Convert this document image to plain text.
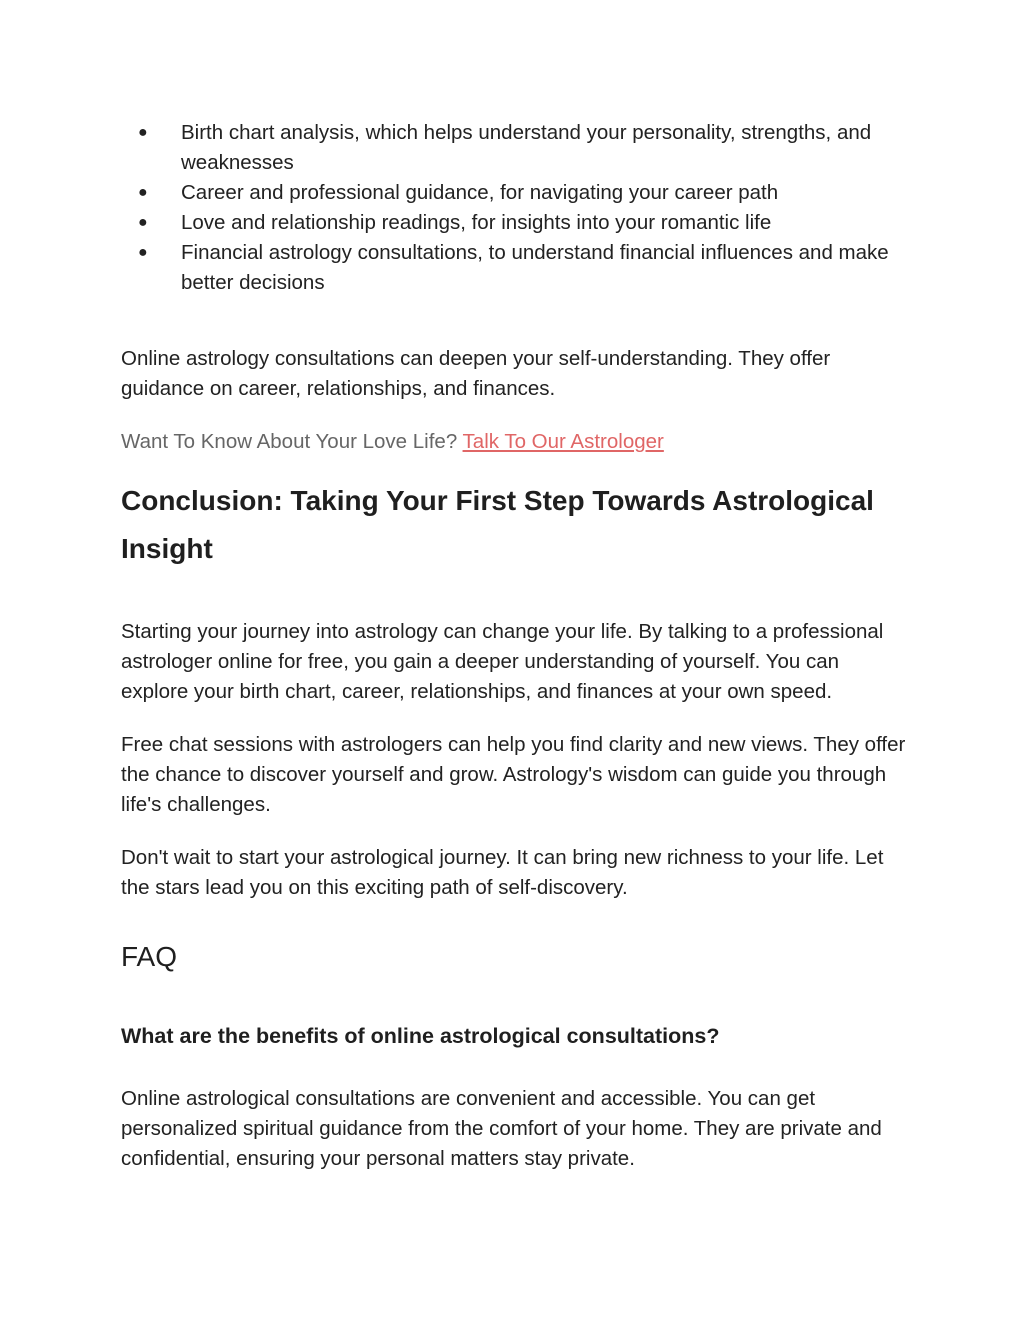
● Birth chart analysis, which helps understand your personality, strengths, and weaknesses
● Career and professional guidance, for navigating your career path
● Love and relationship readings, for insights into your romantic life
● Financial astrology consultations, to understand financial influences and make better decisions

Online astrology consultations can deepen your self-understanding. They offer guidance on career, relationships, and finances.

Want To Know About Your Love Life? Talk To Our Astrologer

Conclusion: Taking Your First Step Towards Astrological Insight

Starting your journey into astrology can change your life. By talking to a professional astrologer online for free, you gain a deeper understanding of yourself. You can explore your birth chart, career, relationships, and finances at your own speed.

Free chat sessions with astrologers can help you find clarity and new views. They offer the chance to discover yourself and grow. Astrology's wisdom can guide you through life's challenges.

Don't wait to start your astrological journey. It can bring new richness to your life. Let the stars lead you on this exciting path of self-discovery.

FAQ
What are the benefits of online astrological consultations?

Online astrological consultations are convenient and accessible. You can get personalized spiritual guidance from the comfort of your home. They are private and confidential, ensuring your personal matters stay private.
